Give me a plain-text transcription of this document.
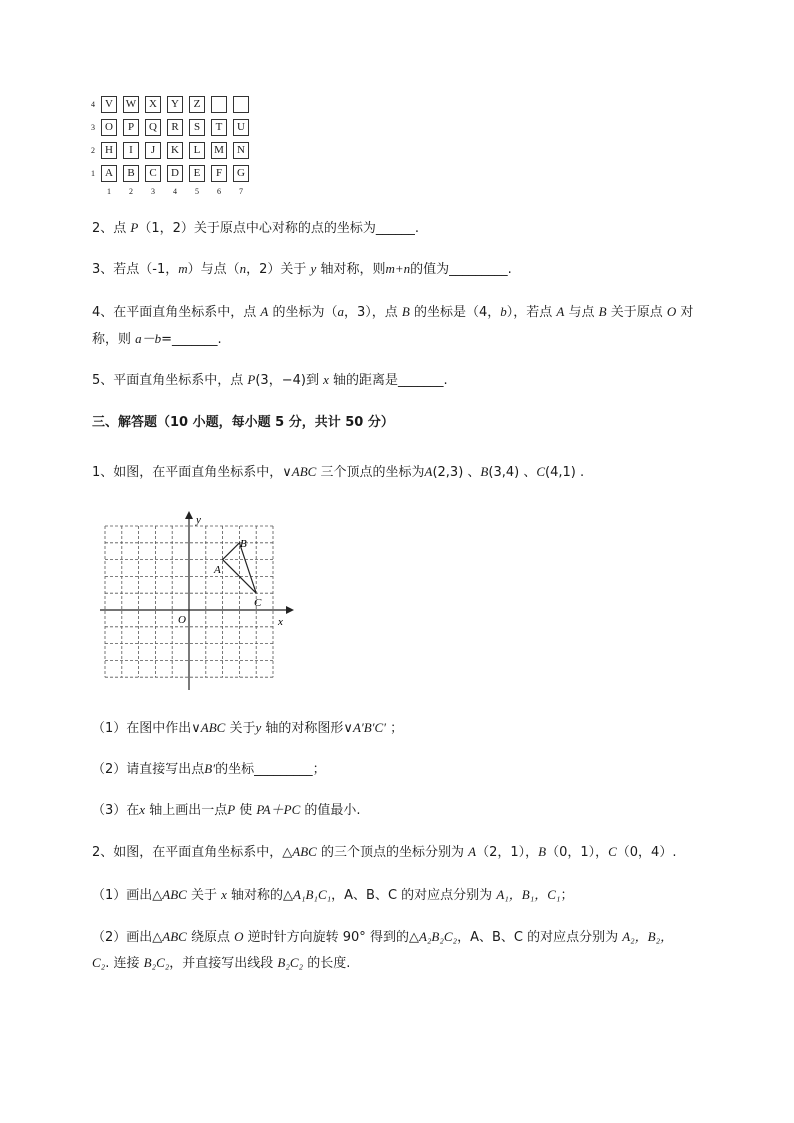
4 V	W	X	Y	Z
3 O	P	Q	R	S	T	U
2 H	I	J	K	L	M	N
1 A	B	C	D	E	F	G
1	2	3	4	5	6	7
2、点 P（1，2）关于原点中心对称的点的坐标为______.
3、若点（-1，m）与点（n，2）关于 y 轴对称，则m+n的值为_________.
4、在平面直角坐标系中，点 A 的坐标为（a，3），点 B 的坐标是（4，b），若点 A 与点 B 关于原点 O 对
称，则 a－b=_______.
5、平面直角坐标系中，点 P(3，−4)到 x 轴的距离是_______.
三、解答题（10 小题，每小题 5 分，共计 50 分）
1、如图，在平面直角坐标系中，∨ABC 三个顶点的坐标为A(2,3) 、B(3,4) 、C(4,1) .
y
x
O
A
B
C
（1）在图中作出∨ABC 关于y 轴的对称图形∨A′B′C′ ；
（2）请直接写出点B′的坐标_________；
（3）在x 轴上画出一点P 使 PA＋PC 的值最小.
2、如图，在平面直角坐标系中，△ABC 的三个顶点的坐标分别为 A（2，1），B（0，1），C（0，4）.
（1）画出△ABC 关于 x 轴对称的△A₁B₁C₁，A、B、C 的对应点分别为 A₁，B₁，C₁；
（2）画出△ABC 绕原点 O 逆时针方向旋转 90° 得到的△A₂B₂C₂，A、B、C 的对应点分别为 A₂，B₂，
C₂. 连接 B₂C₂，并直接写出线段 B₂C₂ 的长度.
